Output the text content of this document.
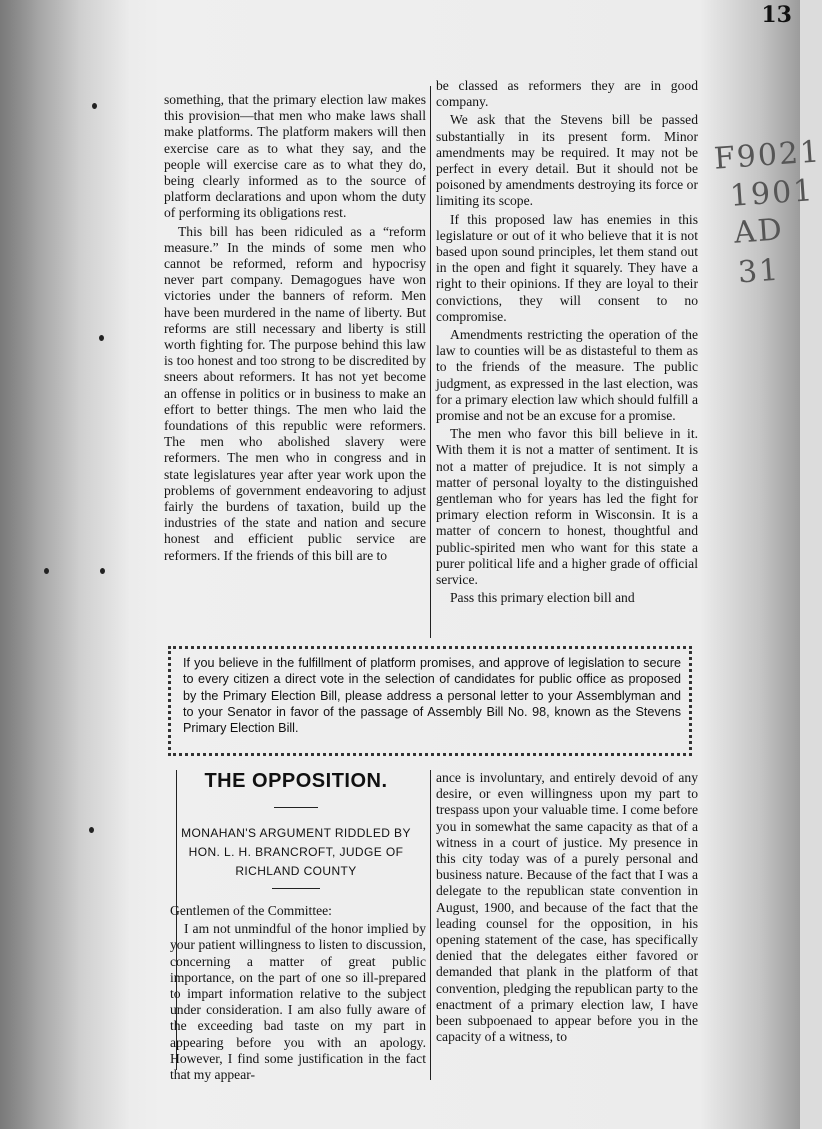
13
F9021
1901
AD
31

something, that the primary election law makes this provision—that men who make laws shall make platforms. The platform makers will then exercise care as to what they say, and the people will exercise care as to what they do, being clearly informed as to the source of platform declarations and upon whom the duty of performing its obligations rest.

This bill has been ridiculed as a “reform measure.” In the minds of some men who cannot be reformed, reform and hypocrisy never part company. Demagogues have won victories under the banners of reform. Men have been murdered in the name of liberty. But reforms are still necessary and liberty is still worth fighting for. The purpose behind this law is too honest and too strong to be discredited by sneers about reformers. It has not yet become an offense in politics or in business to make an effort to better things. The men who laid the foundations of this republic were reformers. The men who abolished slavery were reformers. The men who in congress and in state legislatures year after year work upon the problems of government endeavoring to adjust fairly the burdens of taxation, build up the industries of the state and nation and secure honest and efficient public service are reformers. If the friends of this bill are to

be classed as reformers they are in good company.

We ask that the Stevens bill be passed substantially in its present form. Minor amendments may be required. It may not be perfect in every detail. But it should not be poisoned by amendments destroying its force or limiting its scope.

If this proposed law has enemies in this legislature or out of it who believe that it is not based upon sound principles, let them stand out in the open and fight it squarely. They have a right to their opinions. If they are loyal to their convictions, they will consent to no compromise.

Amendments restricting the operation of the law to counties will be as distasteful to them as to the friends of the measure. The public judgment, as expressed in the last election, was for a primary election law which should fulfill a promise and not be an excuse for a promise.

The men who favor this bill believe in it. With them it is not a matter of sentiment. It is not a matter of prejudice. It is not simply a matter of personal loyalty to the distinguished gentleman who for years has led the fight for primary election reform in Wisconsin. It is a matter of concern to honest, thoughtful and public-spirited men who want for this state a purer political life and a higher grade of official service.

Pass this primary election bill and

If you believe in the fulfillment of platform promises, and approve of legislation to secure to every citizen a direct vote in the selection of candidates for public office as proposed by the Primary Election Bill, please address a personal letter to your Assemblyman and to your Senator in favor of the passage of Assembly Bill No. 98, known as the Stevens Primary Election Bill.
THE OPPOSITION.
MONAHAN'S ARGUMENT RIDDLED BY HON. L. H. BRANCROFT, JUDGE OF RICHLAND COUNTY

Gentlemen of the Committee:

I am not unmindful of the honor implied by your patient willingness to listen to discussion, concerning a matter of great public importance, on the part of one so ill-prepared to impart information relative to the subject under consideration. I am also fully aware of the exceeding bad taste on my part in appearing before you with an apology. However, I find some justification in the fact that my appear-

ance is involuntary, and entirely devoid of any desire, or even willingness upon my part to trespass upon your valuable time. I come before you in somewhat the same capacity as that of a witness in a court of justice. My presence in this city today was of a purely personal and business nature. Because of the fact that I was a delegate to the republican state convention in August, 1900, and because of the fact that the leading counsel for the opposition, in his opening statement of the case, has specifically denied that the delegates either favored or demanded that plank in the platform of that convention, pledging the republican party to the enactment of a primary election law, I have been subpoenaed to appear before you in the capacity of a witness, to
